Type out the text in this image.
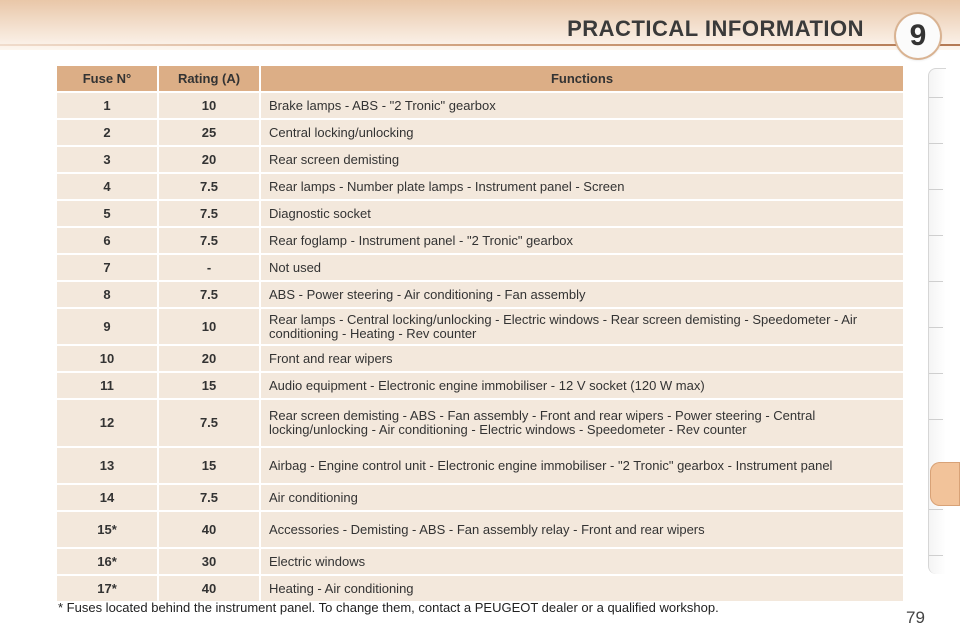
PRACTICAL INFORMATION 9
Fuse N°	Rating (A)	Functions
1	10	Brake lamps - ABS - "2 Tronic" gearbox
2	25	Central locking/unlocking
3	20	Rear screen demisting
4	7.5	Rear lamps - Number plate lamps - Instrument panel - Screen
5	7.5	Diagnostic socket
6	7.5	Rear foglamp - Instrument panel - "2 Tronic" gearbox
7	-	Not used
8	7.5	ABS - Power steering - Air conditioning - Fan assembly
9	10	Rear lamps - Central locking/unlocking - Electric windows - Rear screen demisting - Speedometer - Air conditioning - Heating - Rev counter
10	20	Front and rear wipers
11	15	Audio equipment - Electronic engine immobiliser - 12 V socket (120 W max)
12	7.5	Rear screen demisting - ABS - Fan assembly - Front and rear wipers - Power steering - Central locking/unlocking - Air conditioning - Electric windows - Speedometer - Rev counter
13	15	Airbag - Engine control unit - Electronic engine immobiliser - "2 Tronic" gearbox - Instrument panel
14	7.5	Air conditioning
15*	40	Accessories - Demisting - ABS - Fan assembly relay - Front and rear wipers
16*	30	Electric windows
17*	40	Heating - Air conditioning
* Fuses located behind the instrument panel. To change them, contact a PEUGEOT dealer or a qualified workshop.
79
